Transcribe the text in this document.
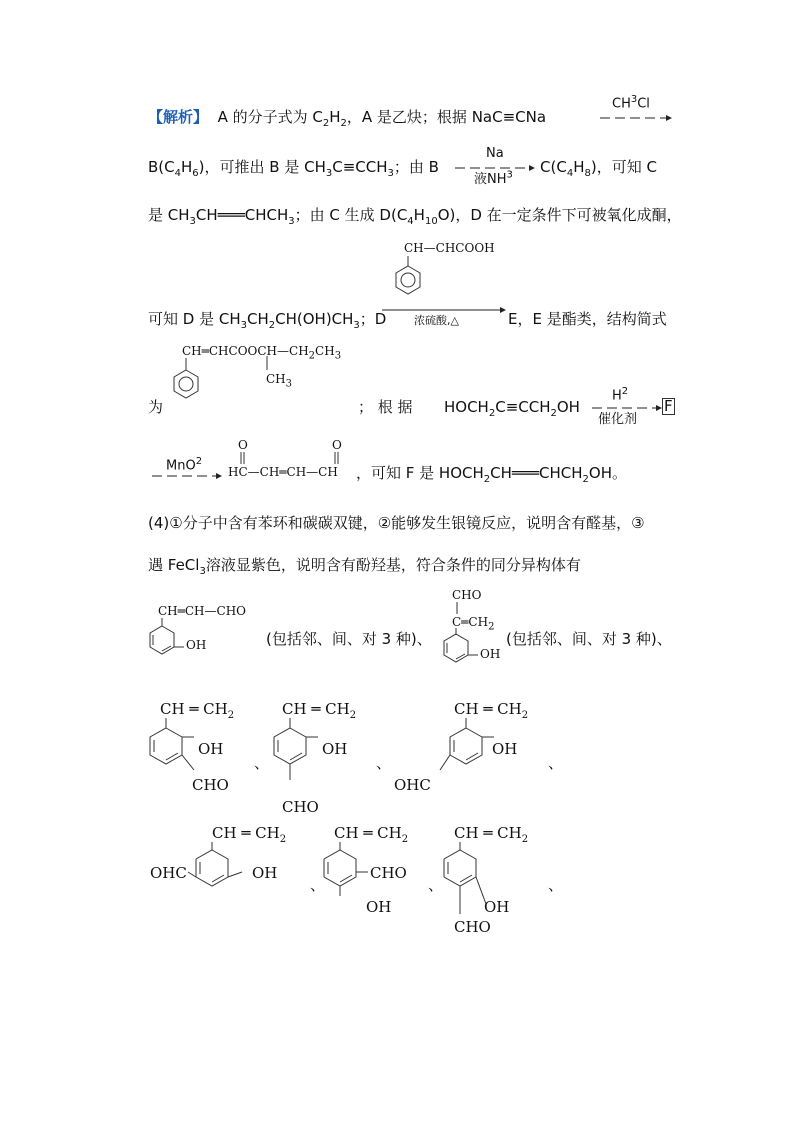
【解析】 A 的分子式为 $C_2H_2$，A 是乙炔；根据 NaC≡CNa
$CH^3Cl$
$B(C_4H_6)$，可推出 B 是 $CH_3C\equiv CCH_3$；由 B
Na
液$NH^3$ $C(C_4H_8)$，可知 C
是 $CH_3CH═══CHCH_3$；由 C 生成 $D(C_4H_{10}O)$，D 在一定条件下可被氧化成酮，
CH—CHCOOH
可知 D 是 $CH_3CH_2CH(OH)CH_3$；D	浓硫酸,△	E，E 是酯类，结构简式
$CH═CHCOOCH—CH_2CH_3$
$CH_3$
为	； 根 据 $HOCH_2C\equiv CCH_2OH$
$H^2$
催化剂
F
MnO$^2$
O	O
HC—CH═CH—CH ，可知 F 是 $HOCH_2CH═══CHCH_2OH$。
(4)①分子中含有苯环和碳碳双键，②能够发生银镜反应，说明含有醛基，③
遇 FeCl$_3$溶液显紫色，说明含有酚羟基，符合条件的同分异构体有
CH═CH—CHO
OH	(包括邻、间、对 3 种)、
CHO
$C═CH_2$
OH
(包括邻、间、对 3 种)、
CH ═ $CH_2$
OH
CHO
、
CH ═ $CH_2$
OH
CHO
、
CH ═ $CH_2$
OH
OHC
、
CH ═ $CH_2$
OHC	OH
、
CH ═ $CH_2$
CHO
OH
、
CH ═ $CH_2$
OH
CHO
、
